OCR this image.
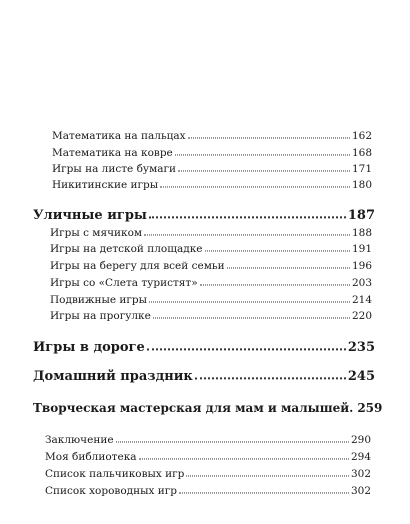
Математика на пальцах	162
Математика на ковре	168
Игры на листе бумаги	171
Никитинские игры	180
Уличные игры	187
Игры с мячиком	188
Игры на детской площадке	191
Игры на берегу для всей семьи	196
Игры со «Слета туристят»	203
Подвижные игры	214
Игры на прогулке	220
Игры в дороге	235
Домашний праздник	245
Творческая мастерская для мам и малышей. 259
Заключение	290
Моя библиотека	294
Список пальчиковых игр	302
Список хороводных игр	302
